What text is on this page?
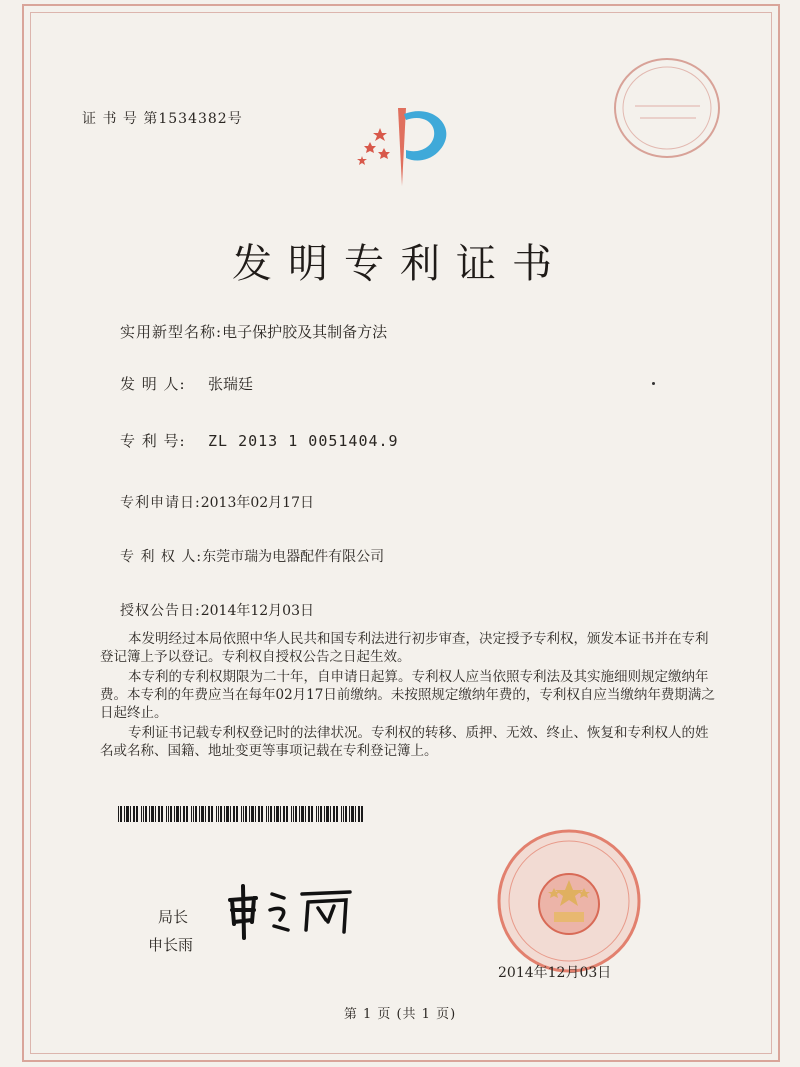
证 书 号 第1534382号
发明专利证书
实用新型名称:电子保护胶及其制备方法
发 明 人: 张瑞廷
专 利 号: ZL 2013 1 0051404.9
专利申请日:2013年02月17日
专 利 权 人:东莞市瑞为电器配件有限公司
授权公告日:2014年12月03日
本发明经过本局依照中华人民共和国专利法进行初步审查，决定授予专利权，颁发本证书并在专利登记簿上予以登记。专利权自授权公告之日起生效。
本专利的专利权期限为二十年，自申请日起算。专利权人应当依照专利法及其实施细则规定缴纳年费。本专利的年费应当在每年02月17日前缴纳。未按照规定缴纳年费的，专利权自应当缴纳年费期满之日起终止。
专利证书记载专利权登记时的法律状况。专利权的转移、质押、无效、终止、恢复和专利权人的姓名或名称、国籍、地址变更等事项记载在专利登记簿上。
局长
申长雨
2014年12月03日
第 1 页 (共 1 页)
